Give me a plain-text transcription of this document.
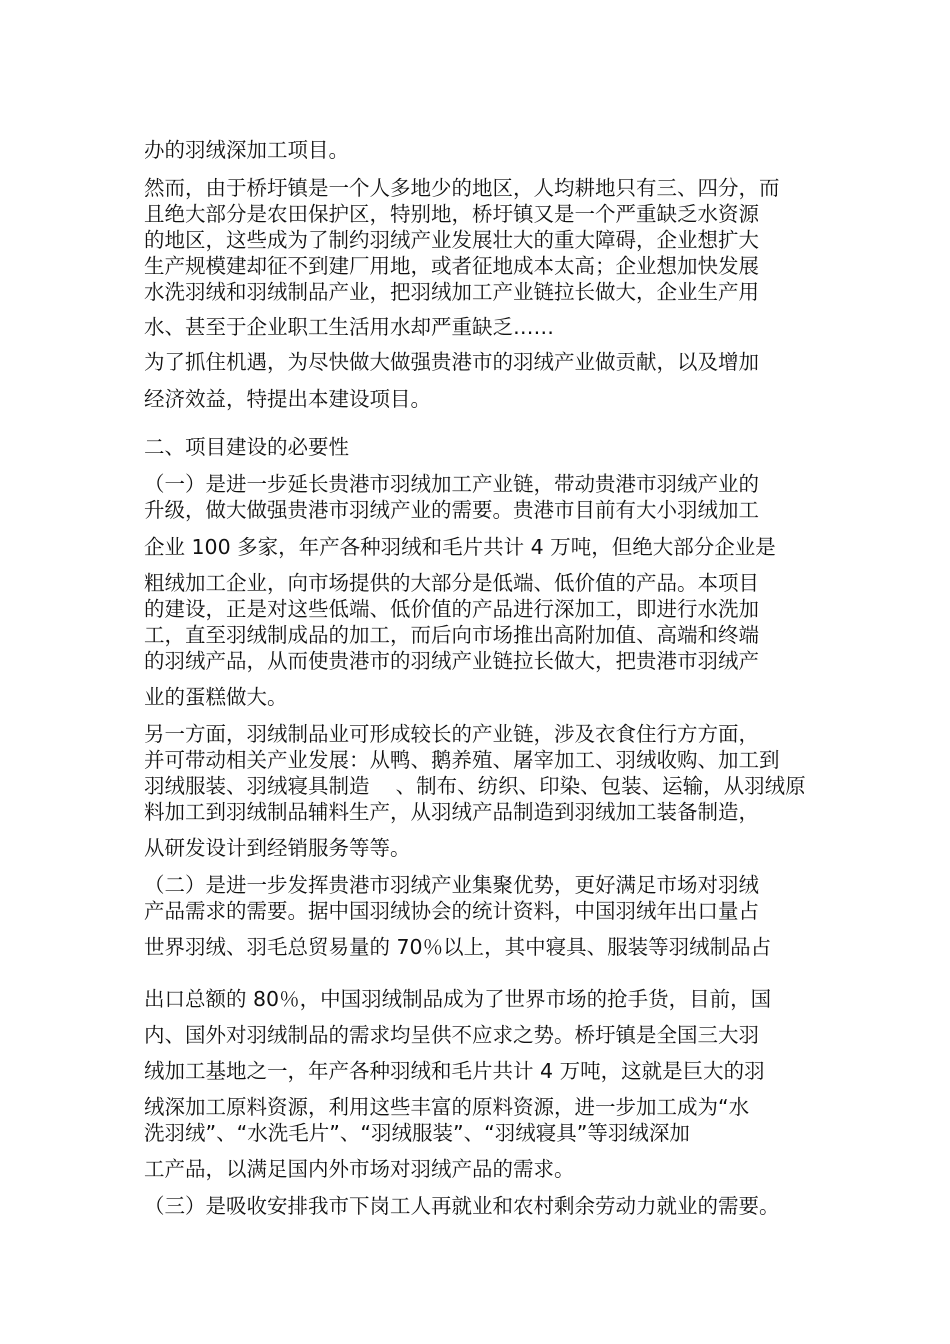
办的羽绒深加工项目。

然而，由于桥圩镇是一个人多地少的地区，人均耕地只有三、四分，而

且绝大部分是农田保护区，特别地，桥圩镇又是一个严重缺乏水资源

的地区，这些成为了制约羽绒产业发展壮大的重大障碍，企业想扩大

生产规模建却征不到建厂用地，或者征地成本太高；企业想加快发展

水洗羽绒和羽绒制品产业，把羽绒加工产业链拉长做大，企业生产用

水、甚至于企业职工生活用水却严重缺乏……

为了抓住机遇，为尽快做大做强贵港市的羽绒产业做贡献，以及增加

经济效益，特提出本建设项目。

二、项目建设的必要性

（一）是进一步延长贵港市羽绒加工产业链，带动贵港市羽绒产业的

升级，做大做强贵港市羽绒产业的需要。贵港市目前有大小羽绒加工

企业 100 多家，年产各种羽绒和毛片共计 4 万吨，但绝大部分企业是

粗绒加工企业，向市场提供的大部分是低端、低价值的产品。本项目

的建设，正是对这些低端、低价值的产品进行深加工，即进行水洗加

工，直至羽绒制成品的加工，而后向市场推出高附加值、高端和终端

的羽绒产品，从而使贵港市的羽绒产业链拉长做大，把贵港市羽绒产

业的蛋糕做大。

另一方面，羽绒制品业可形成较长的产业链，涉及衣食住行方方面，

并可带动相关产业发展：从鸭、鹅养殖、屠宰加工、羽绒收购、加工到

羽绒服装、羽绒寝具制造    、制布、纺织、印染、包装、运输，从羽绒原

料加工到羽绒制品辅料生产，从羽绒产品制造到羽绒加工装备制造，

从研发设计到经销服务等等。

（二）是进一步发挥贵港市羽绒产业集聚优势，更好满足市场对羽绒

产品需求的需要。据中国羽绒协会的统计资料，中国羽绒年出口量占

世界羽绒、羽毛总贸易量的 70％以上，其中寝具、服装等羽绒制品占

出口总额的 80％，中国羽绒制品成为了世界市场的抢手货，目前，国

内、国外对羽绒制品的需求均呈供不应求之势。桥圩镇是全国三大羽

绒加工基地之一，年产各种羽绒和毛片共计 4 万吨，这就是巨大的羽

绒深加工原料资源，利用这些丰富的原料资源，进一步加工成为“水

洗羽绒”、“水洗毛片”、“羽绒服装”、“羽绒寝具”等羽绒深加

工产品，以满足国内外市场对羽绒产品的需求。

（三）是吸收安排我市下岗工人再就业和农村剩余劳动力就业的需要。
